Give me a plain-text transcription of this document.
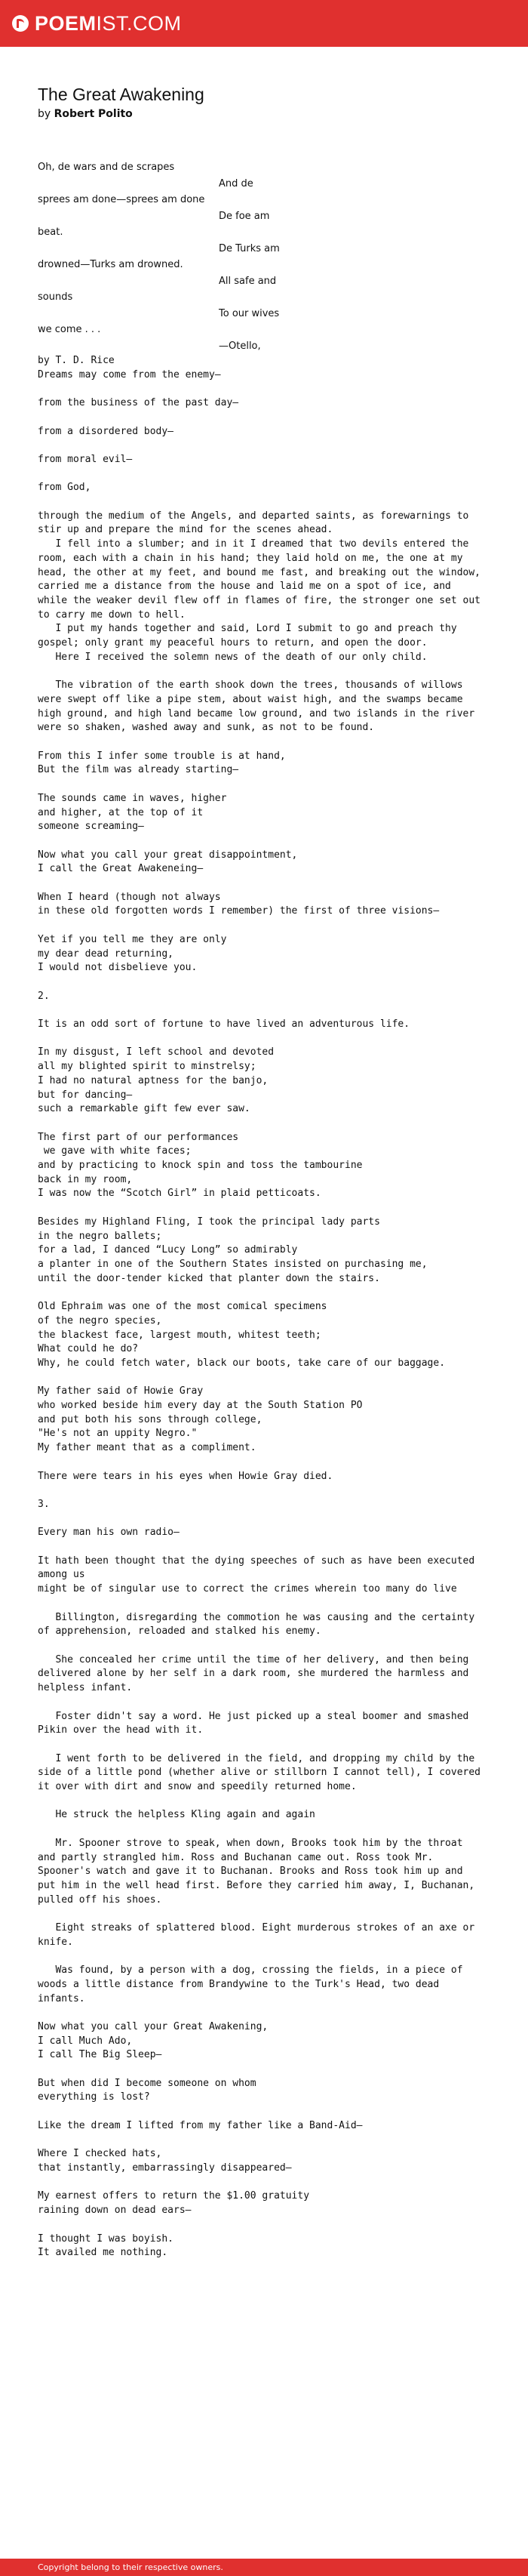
POEM IST.COM
The Great Awakening
by Robert Polito
Oh, de wars and de scrapes
And de
sprees am done—sprees am done
De foe am
beat.
De Turks am
drowned—Turks am drowned.
All safe and
sounds
To our wives
we come . . .
—Otello,
by T. D. Rice
Dreams may come from the enemy—

from the business of the past day—

from a disordered body—

from moral evil—

from God,

through the medium of the Angels, and departed saints, as forewarnings to
stir up and prepare the mind for the scenes ahead.
I fell into a slumber; and in it I dreamed that two devils entered the
room, each with a chain in his hand; they laid hold on me, the one at my
head, the other at my feet, and bound me fast, and breaking out the window,
carried me a distance from the house and laid me on a spot of ice, and
while the weaker devil flew off in flames of fire, the stronger one set out
to carry me down to hell.
I put my hands together and said, Lord I submit to go and preach thy
gospel; only grant my peaceful hours to return, and open the door.
Here I received the solemn news of the death of our only child.

The vibration of the earth shook down the trees, thousands of willows
were swept off like a pipe stem, about waist high, and the swamps became
high ground, and high land became low ground, and two islands in the river
were so shaken, washed away and sunk, as not to be found.

From this I infer some trouble is at hand,
But the film was already starting—

The sounds came in waves, higher
and higher, at the top of it
someone screaming—

Now what you call your great disappointment,
I call the Great Awakeneing—

When I heard (though not always
in these old forgotten words I remember) the first of three visions—

Yet if you tell me they are only
my dear dead returning,
I would not disbelieve you.

2.

It is an odd sort of fortune to have lived an adventurous life.

In my disgust, I left school and devoted
all my blighted spirit to minstrelsy;
I had no natural aptness for the banjo,
but for dancing—
such a remarkable gift few ever saw.

The first part of our performances
we gave with white faces;
and by practicing to knock spin and toss the tambourine
back in my room,
I was now the “Scotch Girl” in plaid petticoats.

Besides my Highland Fling, I took the principal lady parts
in the negro ballets;
for a lad, I danced “Lucy Long” so admirably
a planter in one of the Southern States insisted on purchasing me,
until the door-tender kicked that planter down the stairs.

Old Ephraim was one of the most comical specimens
of the negro species,
the blackest face, largest mouth, whitest teeth;
What could he do?
Why, he could fetch water, black our boots, take care of our baggage.

My father said of Howie Gray
who worked beside him every day at the South Station PO
and put both his sons through college,
"He's not an uppity Negro."
My father meant that as a compliment.

There were tears in his eyes when Howie Gray died.

3.

Every man his own radio—

It hath been thought that the dying speeches of such as have been executed
among us
might be of singular use to correct the crimes wherein too many do live

Billington, disregarding the commotion he was causing and the certainty
of apprehension, reloaded and stalked his enemy.

She concealed her crime until the time of her delivery, and then being
delivered alone by her self in a dark room, she murdered the harmless and
helpless infant.

Foster didn't say a word. He just picked up a steal boomer and smashed
Pikin over the head with it.

I went forth to be delivered in the field, and dropping my child by the
side of a little pond (whether alive or stillborn I cannot tell), I covered
it over with dirt and snow and speedily returned home.

He struck the helpless Kling again and again

Mr. Spooner strove to speak, when down, Brooks took him by the throat
and partly strangled him. Ross and Buchanan came out. Ross took Mr.
Spooner's watch and gave it to Buchanan. Brooks and Ross took him up and
put him in the well head first. Before they carried him away, I, Buchanan,
pulled off his shoes.

Eight streaks of splattered blood. Eight murderous strokes of an axe or
knife.

Was found, by a person with a dog, crossing the fields, in a piece of
woods a little distance from Brandywine to the Turk's Head, two dead
infants.

Now what you call your Great Awakening,
I call Much Ado,
I call The Big Sleep—

But when did I become someone on whom
everything is lost?

Like the dream I lifted from my father like a Band-Aid—

Where I checked hats,
that instantly, embarrassingly disappeared—

My earnest offers to return the $1.00 gratuity
raining down on dead ears—

I thought I was boyish.
It availed me nothing.
Copyright belong to their respective owners.
